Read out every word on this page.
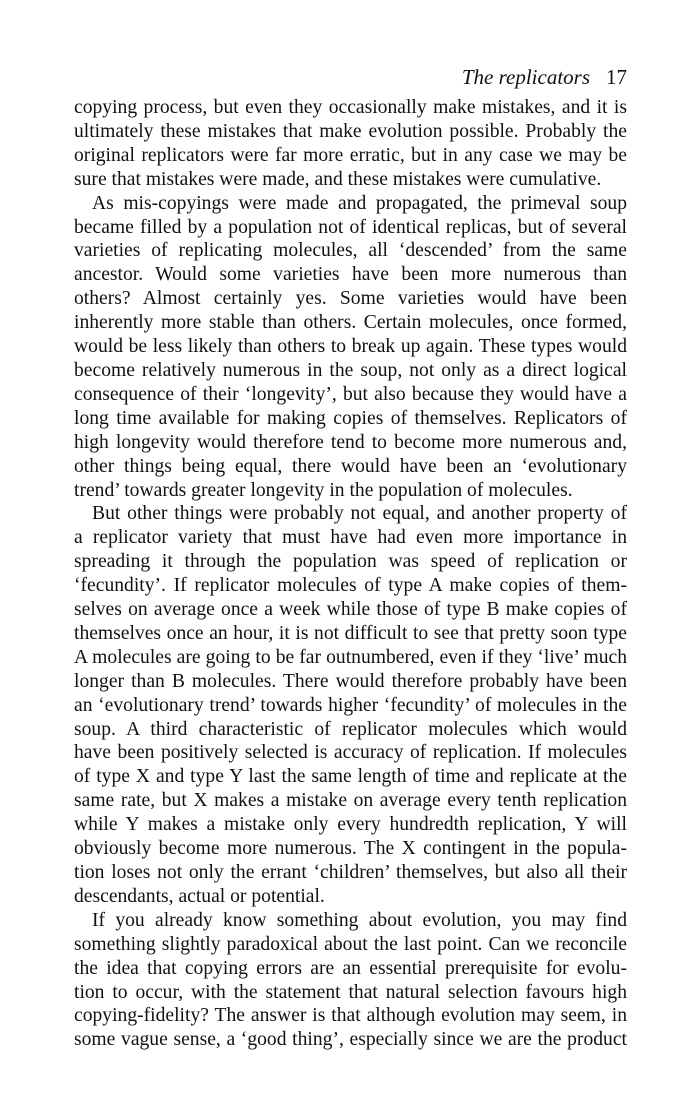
The replicators 17

copying process, but even they occasionally make mistakes, and it is
ultimately these mistakes that make evolution possible. Probably the
original replicators were far more erratic, but in any case we may be
sure that mistakes were made, and these mistakes were cumulative.

As mis-copyings were made and propagated, the primeval soup
became filled by a population not of identical replicas, but of several
varieties of replicating molecules, all ‘descended’ from the same
ancestor. Would some varieties have been more numerous than
others? Almost certainly yes. Some varieties would have been
inherently more stable than others. Certain molecules, once formed,
would be less likely than others to break up again. These types would
become relatively numerous in the soup, not only as a direct logical
consequence of their ‘longevity’, but also because they would have a
long time available for making copies of themselves. Replicators of
high longevity would therefore tend to become more numerous and,
other things being equal, there would have been an ‘evolutionary
trend’ towards greater longevity in the population of molecules.

But other things were probably not equal, and another property of
a replicator variety that must have had even more importance in
spreading it through the population was speed of replication or
‘fecundity’. If replicator molecules of type A make copies of them-
selves on average once a week while those of type B make copies of
themselves once an hour, it is not difficult to see that pretty soon type
A molecules are going to be far outnumbered, even if they ‘live’ much
longer than B molecules. There would therefore probably have been
an ‘evolutionary trend’ towards higher ‘fecundity’ of molecules in the
soup. A third characteristic of replicator molecules which would
have been positively selected is accuracy of replication. If molecules
of type X and type Y last the same length of time and replicate at the
same rate, but X makes a mistake on average every tenth replication
while Y makes a mistake only every hundredth replication, Y will
obviously become more numerous. The X contingent in the popula-
tion loses not only the errant ‘children’ themselves, but also all their
descendants, actual or potential.

If you already know something about evolution, you may find
something slightly paradoxical about the last point. Can we reconcile
the idea that copying errors are an essential prerequisite for evolu-
tion to occur, with the statement that natural selection favours high
copying-fidelity? The answer is that although evolution may seem, in
some vague sense, a ‘good thing’, especially since we are the product
